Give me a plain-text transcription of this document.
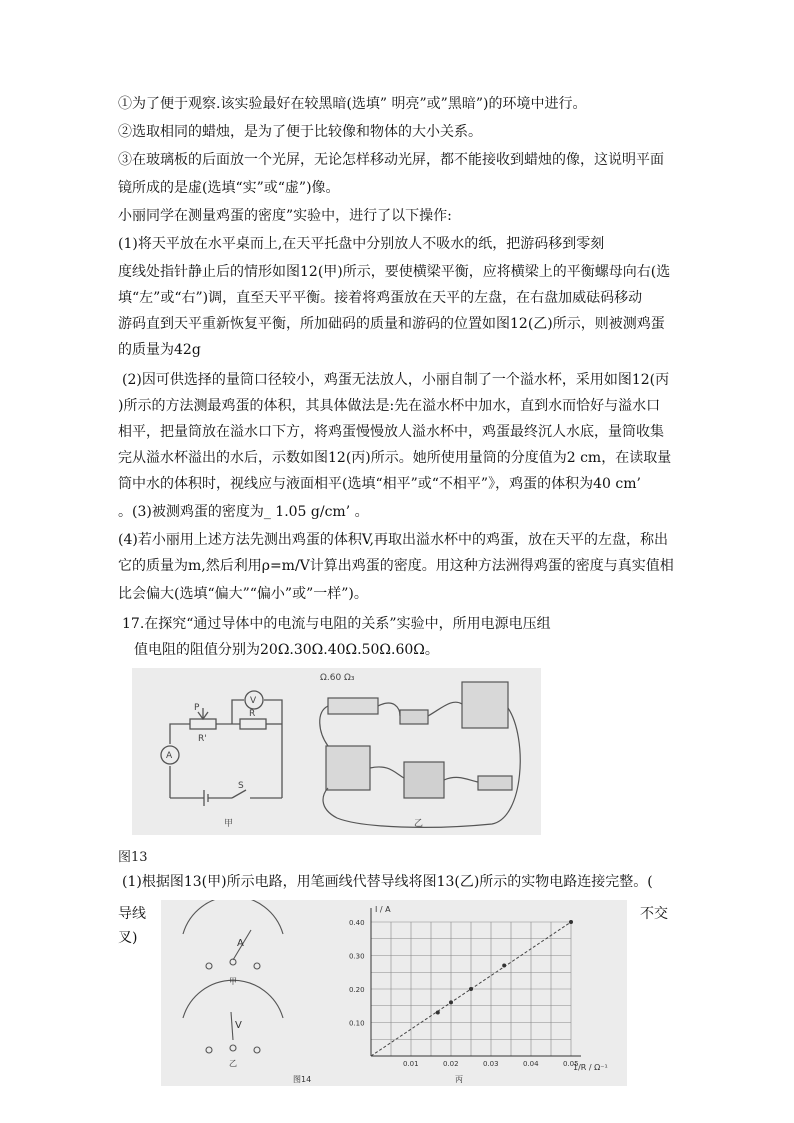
①为了便于观察.该实验最好在较黑暗(选填” 明亮”或”黑暗”)的环境中进行。
②选取相同的蜡烛，是为了便于比较像和物体的大小关系。
③在玻璃板的后面放一个光屏，无论怎样移动光屏，都不能接收到蜡烛的像，这说明平面
镜所成的是虚(选填“实”或“虚”)像。
小丽同学在测量鸡蛋的密度”实验中，进行了以下操作:
(1)将天平放在水平桌而上,在天平托盘中分别放人不吸水的纸，把游码移到零刻
度线处指针静止后的情形如图12(甲)所示，要使横梁平衡，应将横梁上的平衡螺母向右(选
填“左”或“右”)调，直至天平平衡。接着将鸡蛋放在天平的左盘，在右盘加威砝码移动
游码直到天平重新恢复平衡，所加础码的质量和游码的位置如图12(乙)所示，则被测鸡蛋
的质量为42g
(2)因可供选择的量筒口径较小，鸡蛋无法放人，小丽自制了一个溢水杯，采用如图12(丙
)所示的方法测最鸡蛋的体积，其具体做法是:先在溢水杯中加水，直到水而恰好与溢水口
相平，把量筒放在溢水口下方，将鸡蛋慢慢放人溢水杯中，鸡蛋最终沉人水底，量筒收集
完从溢水杯溢出的水后，示数如图12(丙)所示。她所使用量筒的分度值为2 cm，在读取量
筒中水的体积时，视线应与液面相平(选填“相平”或“不相平”》，鸡蛋的体积为40 cm’
。(3)被测鸡蛋的密度为_ 1.05 g/cm’ 。
(4)若小丽用上述方法先测出鸡蛋的体积V,再取出溢水杯中的鸡蛋，放在天平的左盘，称出
它的质量为m,然后利用ρ=m/V计算出鸡蛋的密度。用这种方法洲得鸡蛋的密度与真实值相
比会偏大(选填“偏大”“偏小”或”一样”)。
17.在探究“通过导体中的电流与电阻的关系”实验中，所用电源电压组
值电阻的阻值分别为20Ω.30Ω.40Ω.50Ω.60Ω。
A
V
R
R'
P
S
甲
Ω.60 Ω₃
乙
图13
(1)根据图13(甲)所示电路，用笔画线代替导线将图13(乙)所示的实物电路连接完整。(
导线
叉)
不交
A
V
甲
乙
0.10
0.20
0.30
0.40
0.01	0.02	0.03	0.04	0.05
图14	丙
I / A
1/R / Ω⁻¹
